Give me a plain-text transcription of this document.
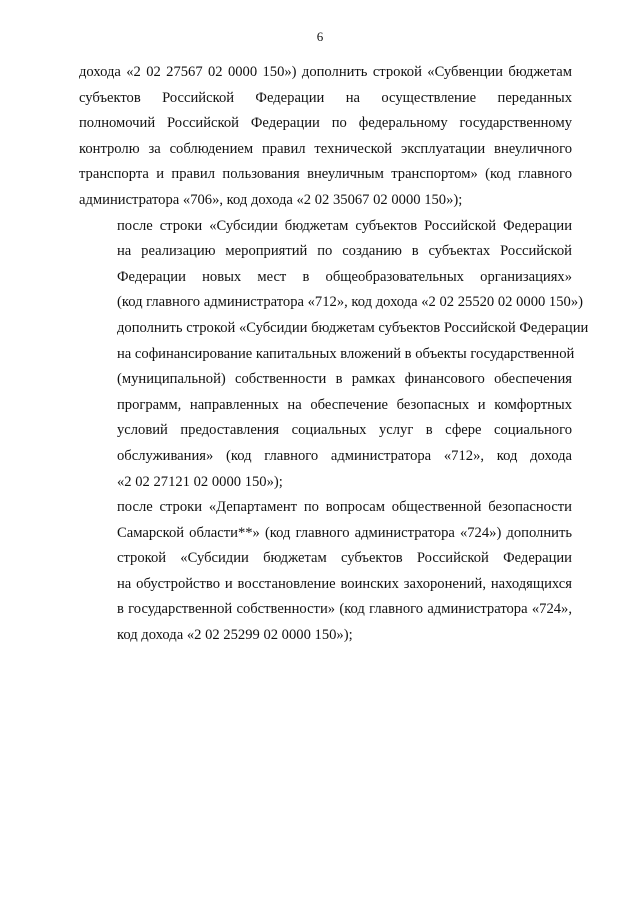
6

дохода «2 02 27567 02 0000 150») дополнить строкой «Субвенции бюджетам
субъектов Российской Федерации на осуществление переданных
полномочий Российской Федерации по федеральному государственному
контролю за соблюдением правил технической эксплуатации внеуличного
транспорта и правил пользования внеуличным транспортом» (код главного
администратора «706», код дохода «2 02 35067 02 0000 150»);

после строки «Субсидии бюджетам субъектов Российской Федерации
на реализацию мероприятий по созданию в субъектах Российской
Федерации новых мест в общеобразовательных организациях»
(код главного администратора «712», код дохода «2 02 25520 02 0000 150»)
дополнить строкой «Субсидии бюджетам субъектов Российской Федерации
на софинансирование капитальных вложений в объекты государственной
(муниципальной) собственности в рамках финансового обеспечения
программ, направленных на обеспечение безопасных и комфортных
условий предоставления социальных услуг в сфере социального
обслуживания» (код главного администратора «712», код дохода
«2 02 27121 02 0000 150»);

после строки «Департамент по вопросам общественной безопасности
Самарской области**» (код главного администратора «724») дополнить
строкой «Субсидии бюджетам субъектов Российской Федерации
на обустройство и восстановление воинских захоронений, находящихся
в государственной собственности» (код главного администратора «724»,
код дохода «2 02 25299 02 0000 150»);
